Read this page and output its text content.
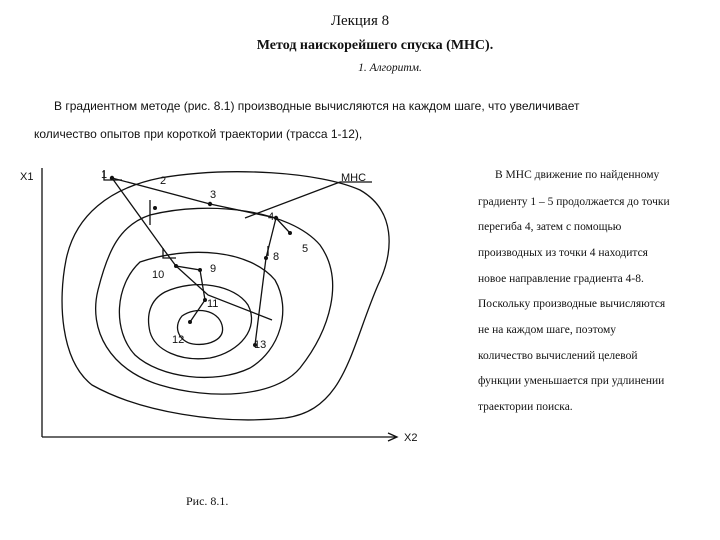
Лекция 8
Метод наискорейшего спуска (МНС).
1. Алгоритм.
В градиентном методе (рис. 8.1) производные вычисляются на каждом шаге, что увеличивает
количество опытов при короткой траектории (трасса 1-12),
В МНС движение по найденному
градиенту 1 – 5 продолжается до точки
перегиба 4, затем с помощью
производных из точки 4 находится
новое направление градиента 4-8.
Поскольку производные вычисляются
не на каждом шаге, поэтому
количество вычислений целевой
функции уменьшается при удлинении
траектории поиска.
X1
X2
МНС
1	2
3
4
5
8
9
10
11
12	13
Рис. 8.1.
